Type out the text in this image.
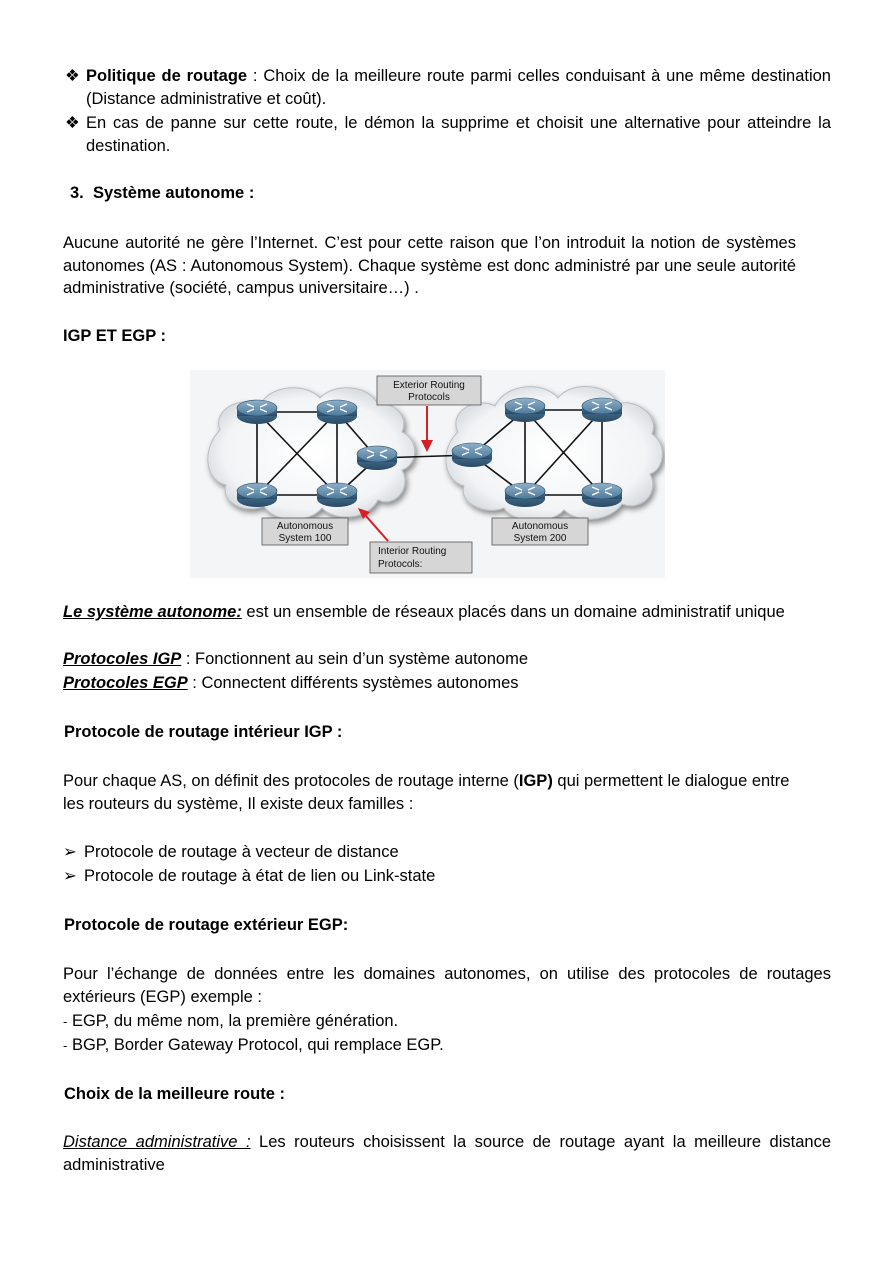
❖ Politique de routage : Choix de la meilleure route parmi celles conduisant à une même destination (Distance administrative et coût).
❖ En cas de panne sur cette route, le démon la supprime et choisit une alternative pour atteindre la destination.
3. Système autonome :

Aucune autorité ne gère l’Internet. C’est pour cette raison que l’on introduit la notion de systèmes autonomes (AS : Autonomous System). Chaque système est donc administré par une seule autorité administrative (société, campus universitaire…) .

IGP ET EGP :
Exterior Routing
Protocols
Autonomous
System 100
Autonomous
System 200
Interior Routing
Protocols:

Le système autonome: est un ensemble de réseaux placés dans un domaine administratif unique

Protocoles IGP : Fonctionnent au sein d’un système autonome

Protocoles EGP : Connectent différents systèmes autonomes

Protocole de routage intérieur IGP :

Pour chaque AS, on définit des protocoles de routage interne (IGP) qui permettent le dialogue entre les routeurs du système, Il existe deux familles :

➢ Protocole de routage à vecteur de distance
➢ Protocole de routage à état de lien ou Link-state
Protocole de routage extérieur EGP:

Pour l’échange de données entre les domaines autonomes, on utilise des protocoles de routages extérieurs (EGP) exemple :

- EGP, du même nom, la première génération.

- BGP, Border Gateway Protocol, qui remplace EGP.

Choix de la meilleure route :

Distance administrative : Les routeurs choisissent la source de routage ayant la meilleure distance administrative
